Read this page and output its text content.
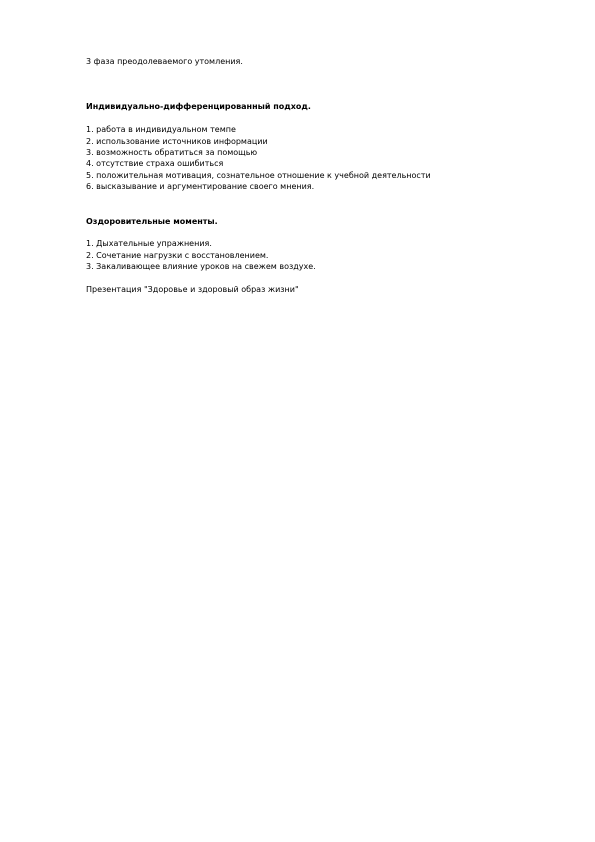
3 фаза преодолеваемого утомления.

Индивидуально-дифференцированный подход.

1. работа в индивидуальном темпе
2. использование источников информации
3. возможность обратиться за помощью
4. отсутствие страха ошибиться
5. положительная мотивация, сознательное отношение к учебной деятельности
6. высказывание и аргументирование своего мнения.

Оздоровительные моменты.

1. Дыхательные упражнения.
2. Сочетание нагрузки с восстановлением.
3. Закаливающее влияние уроков на свежем воздухе.

Презентация "Здоровье и здоровый образ жизни"
